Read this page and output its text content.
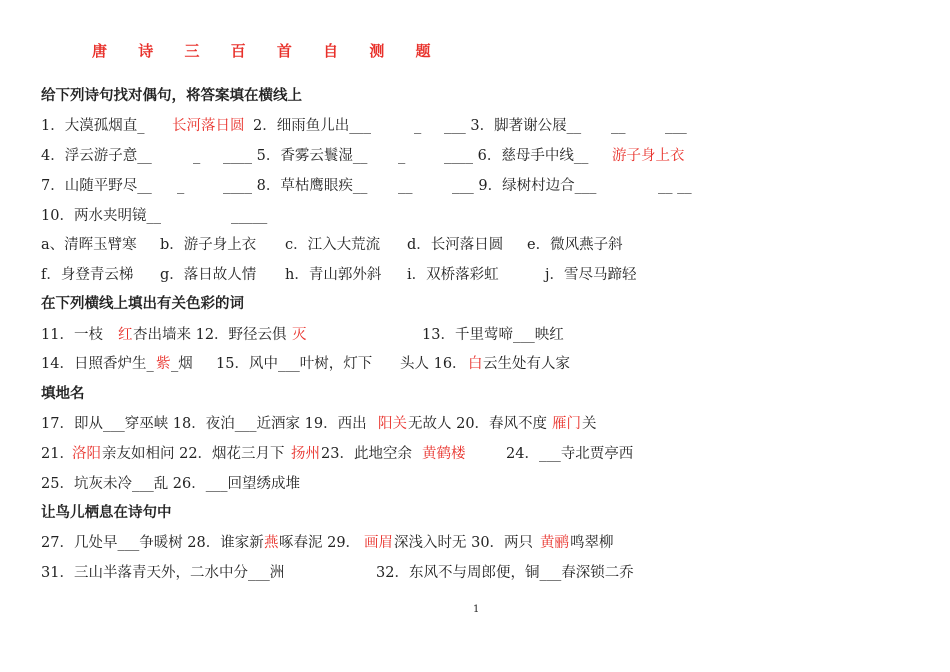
唐 诗 三 百 首 自 测 题
给下列诗句找对偶句，将答案填在横线上
1．大漠孤烟直_ 长河落日圆 2．细雨鱼儿出___	_ ___ 3．脚著谢公屐__ __	___
4．浮云游子意__	_ ____ 5．香雾云鬟湿__ _	____ 6．慈母手中线__ 游子身上衣
7．山随平野尽__ _	____ 8．草枯鹰眼疾__ __	___ 9．绿树村边合___	__ __
10．两水夹明镜__	_____
a、清晖玉臂寒 b．游子身上衣 c．江入大荒流 d．长河落日圆 e．微风燕子斜
f．身登青云梯 g．落日故人情 h．青山郭外斜 i．双桥落彩虹	j．雪尽马蹄轻
在下列横线上填出有关色彩的词
11．一枝 红 杏出墙来 12．野径云俱 灭	13．千里莺啼___映红
14．日照香炉生_ 紫 _烟 15．风中___叶树，灯下 头人 16． 白 云生处有人家
填地名
17．即从___穿巫峡 18．夜泊___近酒家 19．西出 阳关 无故人 20．春风不度 雁门 关
21．
洛阳 亲友如相问 22．烟花三月下 扬州 23．此地空余 黄鹤楼	24．___寺北贾亭西
25．坑灰未冷___乱 26．___回望绣成堆
让鸟儿栖息在诗句中
27．几处早___争暖树 28．谁家新 燕 啄春泥 29． 画眉 深浅入时无 30．两只 黄鹂 鸣翠柳
31．三山半落青天外，二水中分___洲	32．东风不与周郎便，铜___春深锁二乔
1
